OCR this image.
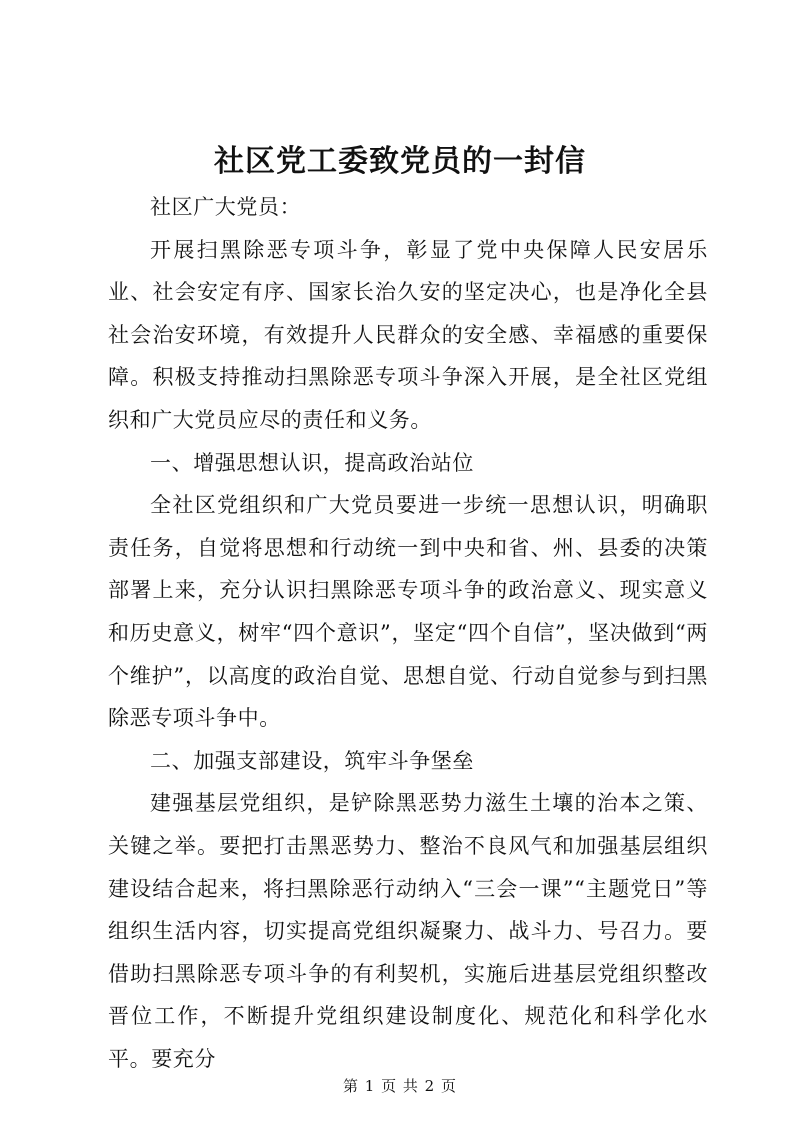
社区党工委致党员的一封信

社区广大党员：

开展扫黑除恶专项斗争，彰显了党中央保障人民安居乐业、社会安定有序、国家长治久安的坚定决心，也是净化全县社会治安环境，有效提升人民群众的安全感、幸福感的重要保障。积极支持推动扫黑除恶专项斗争深入开展，是全社区党组织和广大党员应尽的责任和义务。

一、增强思想认识，提高政治站位

全社区党组织和广大党员要进一步统一思想认识，明确职责任务，自觉将思想和行动统一到中央和省、州、县委的决策部署上来，充分认识扫黑除恶专项斗争的政治意义、现实意义和历史意义，树牢“四个意识”，坚定“四个自信”，坚决做到“两个维护”，以高度的政治自觉、思想自觉、行动自觉参与到扫黑除恶专项斗争中。

二、加强支部建设，筑牢斗争堡垒

建强基层党组织，是铲除黑恶势力滋生土壤的治本之策、关键之举。要把打击黑恶势力、整治不良风气和加强基层组织建设结合起来，将扫黑除恶行动纳入“三会一课”“主题党日”等组织生活内容，切实提高党组织凝聚力、战斗力、号召力。要借助扫黑除恶专项斗争的有利契机，实施后进基层党组织整改晋位工作，不断提升党组织建设制度化、规范化和科学化水平。要充分

第 1 页 共 2 页
